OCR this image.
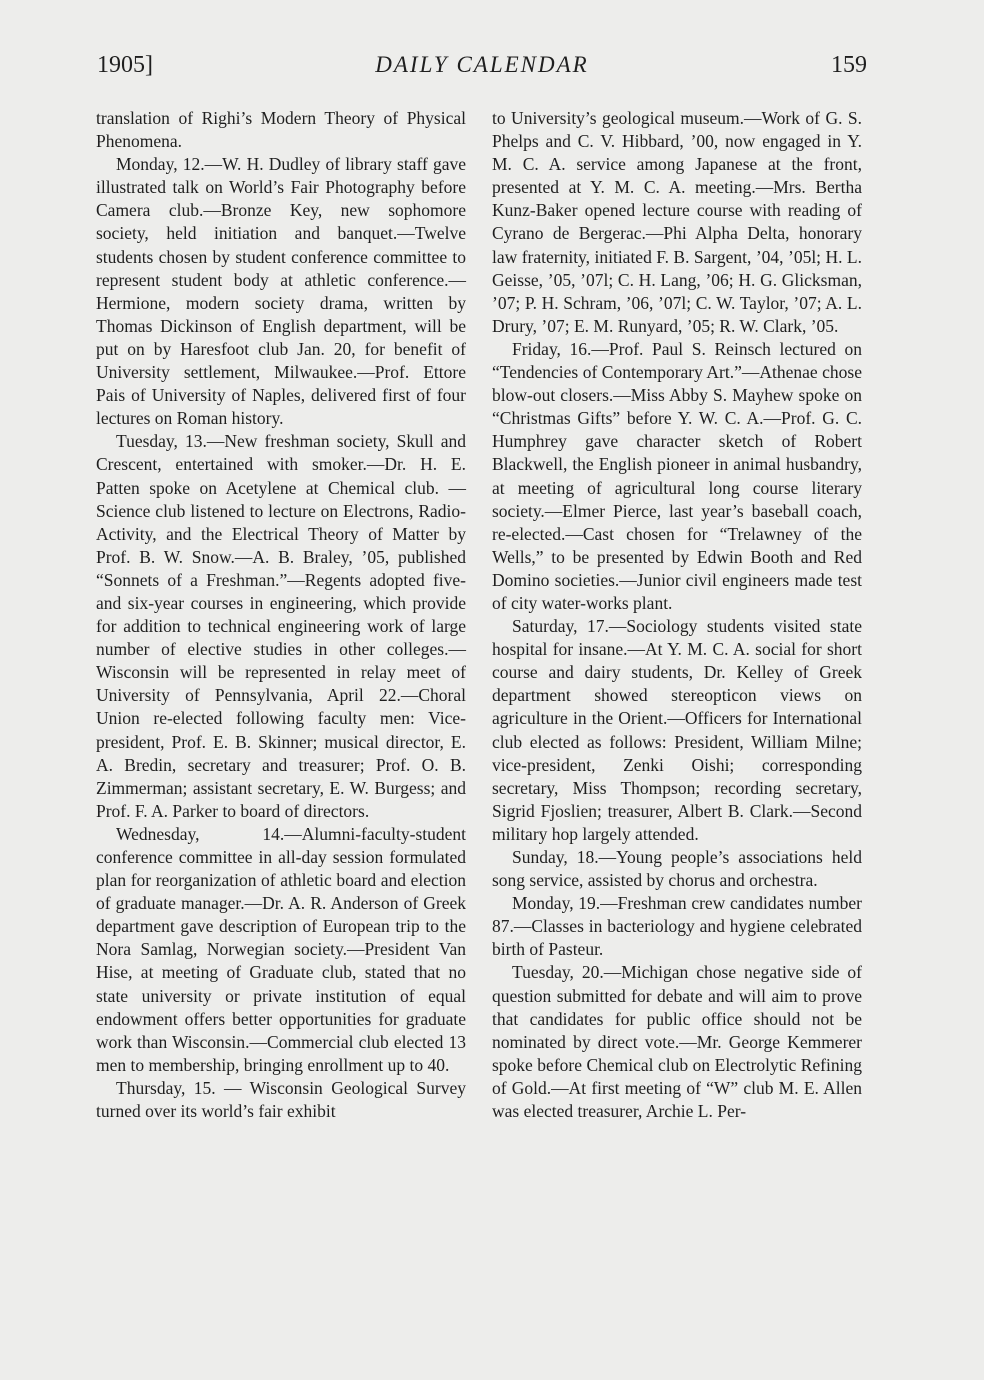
1905]	DAILY CALENDAR	159

translation of Righi’s Modern Theory of Physical Phenomena.

Monday, 12.—W. H. Dudley of library staff gave illustrated talk on World’s Fair Photography before Camera club.—Bronze Key, new sophomore society, held initiation and banquet.—Twelve students chosen by student conference committee to represent student body at athletic conference.—Hermione, modern society drama, written by Thomas Dickinson of English department, will be put on by Haresfoot club Jan. 20, for benefit of University settlement, Milwaukee.—Prof. Ettore Pais of University of Naples, delivered first of four lectures on Roman history.

Tuesday, 13.—New freshman society, Skull and Crescent, entertained with smoker.—Dr. H. E. Patten spoke on Acetylene at Chemical club. — Science club listened to lecture on Electrons, Radio-Activity, and the Electrical Theory of Matter by Prof. B. W. Snow.—A. B. Braley, ’05, published “Sonnets of a Freshman.”—Regents adopted five- and six-year courses in engineering, which provide for addition to technical engineering work of large number of elective studies in other colleges.—Wisconsin will be represented in relay meet of University of Pennsylvania, April 22.—Choral Union re-elected following faculty men: Vice-president, Prof. E. B. Skinner; musical director, E. A. Bredin, secretary and treasurer; Prof. O. B. Zimmerman; assistant secretary, E. W. Burgess; and Prof. F. A. Parker to board of directors.

Wednesday, 14.—Alumni-faculty-student conference committee in all-day session formulated plan for reorganization of athletic board and election of graduate manager.—Dr. A. R. Anderson of Greek department gave description of European trip to the Nora Samlag, Norwegian society.—President Van Hise, at meeting of Graduate club, stated that no state university or private institution of equal endowment offers better opportunities for graduate work than Wisconsin.—Commercial club elected 13 men to membership, bringing enrollment up to 40.

Thursday, 15. — Wisconsin Geological Survey turned over its world’s fair exhibit

to University’s geological museum.—Work of G. S. Phelps and C. V. Hibbard, ’00, now engaged in Y. M. C. A. service among Japanese at the front, presented at Y. M. C. A. meeting.—Mrs. Bertha Kunz-Baker opened lecture course with reading of Cyrano de Bergerac.—Phi Alpha Delta, honorary law fraternity, initiated F. B. Sargent, ’04, ’05l; H. L. Geisse, ’05, ’07l; C. H. Lang, ’06; H. G. Glicksman, ’07; P. H. Schram, ’06, ’07l; C. W. Taylor, ’07; A. L. Drury, ’07; E. M. Runyard, ’05; R. W. Clark, ’05.

Friday, 16.—Prof. Paul S. Reinsch lectured on “Tendencies of Contemporary Art.”—Athenae chose blow-out closers.—Miss Abby S. Mayhew spoke on “Christmas Gifts” before Y. W. C. A.—Prof. G. C. Humphrey gave character sketch of Robert Blackwell, the English pioneer in animal husbandry, at meeting of agricultural long course literary society.—Elmer Pierce, last year’s baseball coach, re-elected.—Cast chosen for “Trelawney of the Wells,” to be presented by Edwin Booth and Red Domino societies.—Junior civil engineers made test of city water-works plant.

Saturday, 17.—Sociology students visited state hospital for insane.—At Y. M. C. A. social for short course and dairy students, Dr. Kelley of Greek department showed stereopticon views on agriculture in the Orient.—Officers for International club elected as follows: President, William Milne; vice-president, Zenki Oishi; corresponding secretary, Miss Thompson; recording secretary, Sigrid Fjoslien; treasurer, Albert B. Clark.—Second military hop largely attended.

Sunday, 18.—Young people’s associations held song service, assisted by chorus and orchestra.

Monday, 19.—Freshman crew candidates number 87.—Classes in bacteriology and hygiene celebrated birth of Pasteur.

Tuesday, 20.—Michigan chose negative side of question submitted for debate and will aim to prove that candidates for public office should not be nominated by direct vote.—Mr. George Kemmerer spoke before Chemical club on Electrolytic Refining of Gold.—At first meeting of “W” club M. E. Allen was elected treasurer, Archie L. Per-
